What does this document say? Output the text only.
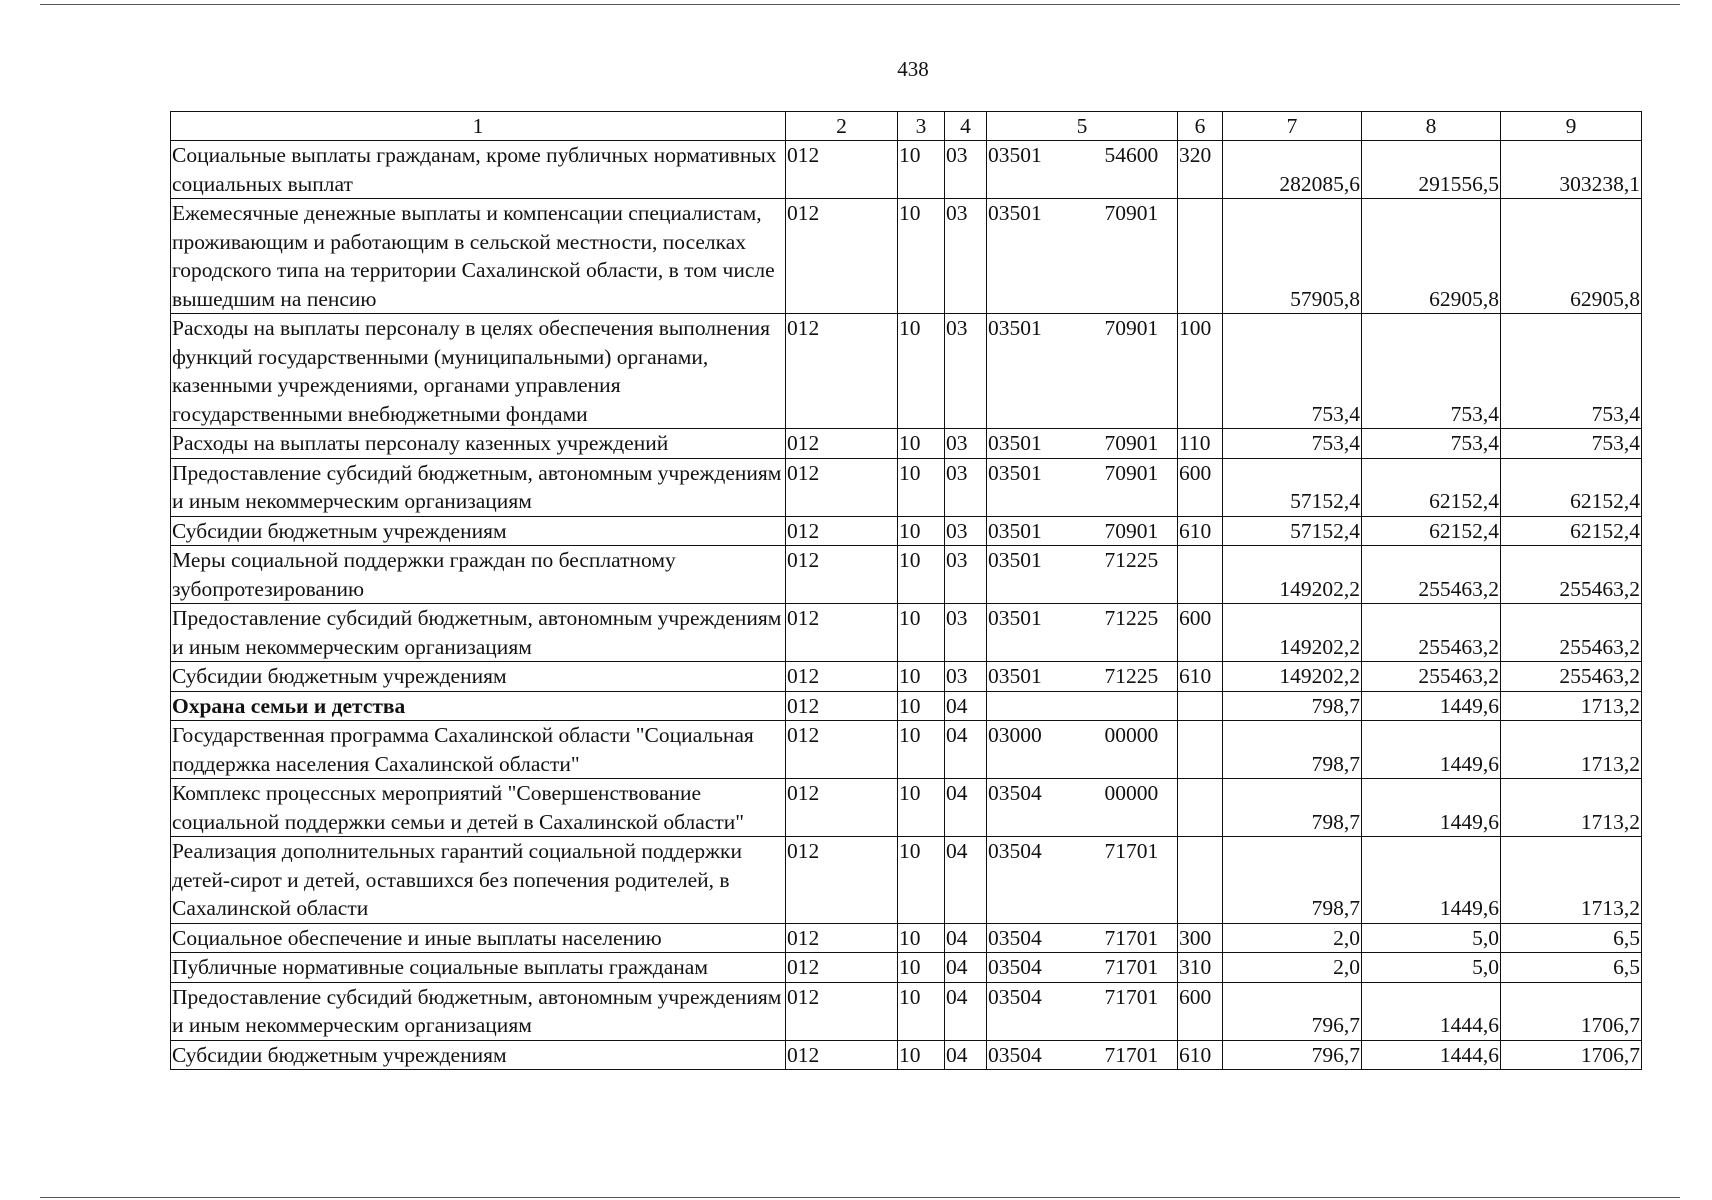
438
1	2	3	4	5		6	7	8	9
Социальные выплаты гражданам, кроме публичных нормативных социальных выплат	012	10	03	03501	54600	320	282085,6	291556,5	303238,1
Ежемесячные денежные выплаты и компенсации специалистам, проживающим и работающим в сельской местности, поселках городского типа на территории Сахалинской области, в том числе вышедшим на пенсию	012	10	03	03501	70901		57905,8	62905,8	62905,8
Расходы на выплаты персоналу в целях обеспечения выполнения функций государственными (муниципальными) органами, казенными учреждениями, органами управления государственными внебюджетными фондами	012	10	03	03501	70901	100	753,4	753,4	753,4
Расходы на выплаты персоналу казенных учреждений	012	10	03	03501	70901	110	753,4	753,4	753,4
Предоставление субсидий бюджетным, автономным учреждениям и иным некоммерческим организациям	012	10	03	03501	70901	600	57152,4	62152,4	62152,4
Субсидии бюджетным учреждениям	012	10	03	03501	70901	610	57152,4	62152,4	62152,4
Меры социальной поддержки граждан по бесплатному зубопротезированию	012	10	03	03501	71225		149202,2	255463,2	255463,2
Предоставление субсидий бюджетным, автономным учреждениям и иным некоммерческим организациям	012	10	03	03501	71225	600	149202,2	255463,2	255463,2
Субсидии бюджетным учреждениям	012	10	03	03501	71225	610	149202,2	255463,2	255463,2
Охрана семьи и детства	012	10	04				798,7	1449,6	1713,2
Государственная программа Сахалинской области "Социальная поддержка населения Сахалинской области"	012	10	04	03000	00000		798,7	1449,6	1713,2
Комплекс процессных мероприятий "Совершенствование социальной поддержки семьи и детей в Сахалинской области"	012	10	04	03504	00000		798,7	1449,6	1713,2
Реализация дополнительных гарантий социальной поддержки детей-сирот и детей, оставшихся без попечения родителей, в Сахалинской области	012	10	04	03504	71701		798,7	1449,6	1713,2
Социальное обеспечение и иные выплаты населению	012	10	04	03504	71701	300	2,0	5,0	6,5
Публичные нормативные социальные выплаты гражданам	012	10	04	03504	71701	310	2,0	5,0	6,5
Предоставление субсидий бюджетным, автономным учреждениям и иным некоммерческим организациям	012	10	04	03504	71701	600	796,7	1444,6	1706,7
Субсидии бюджетным учреждениям	012	10	04	03504	71701	610	796,7	1444,6	1706,7
